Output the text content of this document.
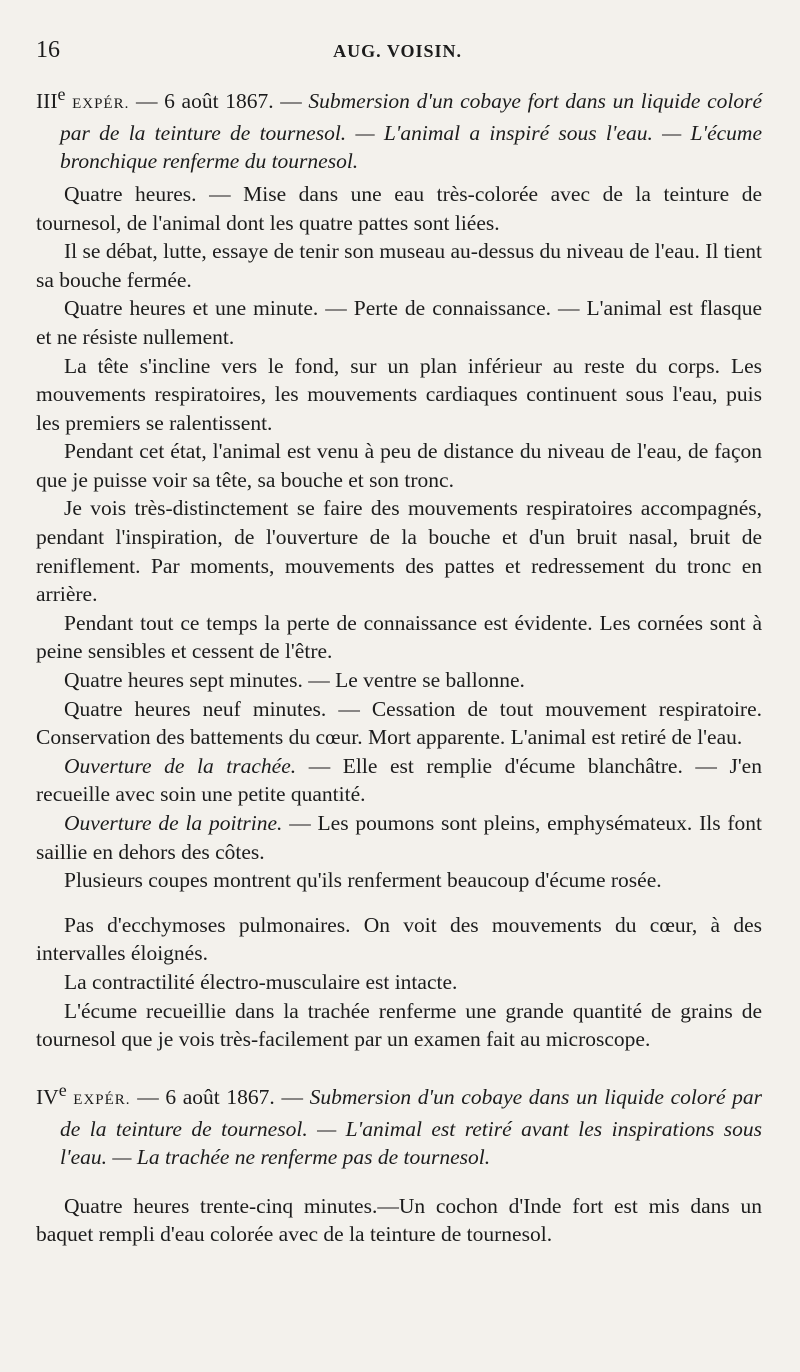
16	AUG. VOISIN.
IIIe EXPÉR. — 6 août 1867. — Submersion d'un cobaye fort dans un liquide coloré par de la teinture de tournesol. — L'animal a inspiré sous l'eau. — L'écume bronchique renferme du tournesol.

Quatre heures. — Mise dans une eau très-colorée avec de la teinture de tournesol, de l'animal dont les quatre pattes sont liées.

Il se débat, lutte, essaye de tenir son museau au-dessus du niveau de l'eau. Il tient sa bouche fermée.

Quatre heures et une minute. — Perte de connaissance. — L'animal est flasque et ne résiste nullement.

La tête s'incline vers le fond, sur un plan inférieur au reste du corps. Les mouvements respiratoires, les mouvements cardiaques continuent sous l'eau, puis les premiers se ralentissent.

Pendant cet état, l'animal est venu à peu de distance du niveau de l'eau, de façon que je puisse voir sa tête, sa bouche et son tronc.

Je vois très-distinctement se faire des mouvements respiratoires accompagnés, pendant l'inspiration, de l'ouverture de la bouche et d'un bruit nasal, bruit de reniflement. Par moments, mouvements des pattes et redressement du tronc en arrière.

Pendant tout ce temps la perte de connaissance est évidente. Les cornées sont à peine sensibles et cessent de l'être.

Quatre heures sept minutes. — Le ventre se ballonne.

Quatre heures neuf minutes. — Cessation de tout mouvement respiratoire. Conservation des battements du cœur. Mort apparente. L'animal est retiré de l'eau.

Ouverture de la trachée. — Elle est remplie d'écume blanchâtre. — J'en recueille avec soin une petite quantité.

Ouverture de la poitrine. — Les poumons sont pleins, emphysémateux. Ils font saillie en dehors des côtes.

Plusieurs coupes montrent qu'ils renferment beaucoup d'écume rosée.

Pas d'ecchymoses pulmonaires. On voit des mouvements du cœur, à des intervalles éloignés.

La contractilité électro-musculaire est intacte.

L'écume recueillie dans la trachée renferme une grande quantité de grains de tournesol que je vois très-facilement par un examen fait au microscope.

IVe EXPÉR. — 6 août 1867. — Submersion d'un cobaye dans un liquide coloré par de la teinture de tournesol. — L'animal est retiré avant les inspirations sous l'eau. — La trachée ne renferme pas de tournesol.

Quatre heures trente-cinq minutes.—Un cochon d'Inde fort est mis dans un baquet rempli d'eau colorée avec de la teinture de tournesol.
